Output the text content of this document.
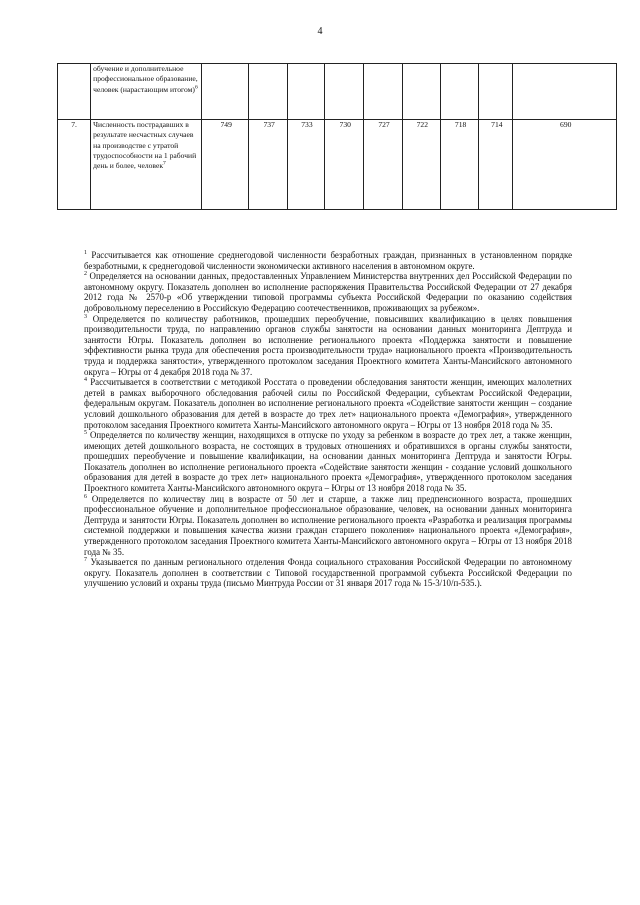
4
	обучение и дополнительное профессиональное образование, человек (нарастающим итогом)$^6$									
7.	Численность пострадавших в результате несчастных случаев на производстве с утратой трудоспособности на 1 рабочий день и более, человек$^7$	749	737	733	730	727	722	718	714	690

$^1$ Рассчитывается как отношение среднегодовой численности безработных граждан, признанных в установленном порядке безработными, к среднегодовой численности экономически активного населения в автономном округе.

$^2$ Определяется на основании данных, предоставленных Управлением Министерства внутренних дел Российской Федерации по автономному округу. Показатель дополнен во исполнение распоряжения Правительства Российской Федерации от 27 декабря 2012 года № 2570-р «Об утверждении типовой программы субъекта Российской Федерации по оказанию содействия добровольному переселению в Российскую Федерацию соотечественников, проживающих за рубежом».

$^3$ Определяется по количеству работников, прошедших переобучение, повысивших квалификацию в целях повышения производительности труда, по направлению органов службы занятости на основании данных мониторинга Дептруда и занятости Югры. Показатель дополнен во исполнение регионального проекта «Поддержка занятости и повышение эффективности рынка труда для обеспечения роста производительности труда» национального проекта «Производительность труда и поддержка занятости», утвержденного протоколом заседания Проектного комитета Ханты-Мансийского автономного округа – Югры от 4 декабря 2018 года № 37.

$^4$ Рассчитывается в соответствии с методикой Росстата о проведении обследования занятости женщин, имеющих малолетних детей в рамках выборочного обследования рабочей силы по Российской Федерации, субъектам Российской Федерации, федеральным округам. Показатель дополнен во исполнение регионального проекта «Содействие занятости женщин – создание условий дошкольного образования для детей в возрасте до трех лет» национального проекта «Демография», утвержденного протоколом заседания Проектного комитета Ханты-Мансийского автономного округа – Югры от 13 ноября 2018 года № 35.

$^5$ Определяется по количеству женщин, находящихся в отпуске по уходу за ребенком в возрасте до трех лет, а также женщин, имеющих детей дошкольного возраста, не состоящих в трудовых отношениях и обратившихся в органы службы занятости, прошедших переобучение и повышение квалификации, на основании данных мониторинга Дептруда и занятости Югры. Показатель дополнен во исполнение регионального проекта «Содействие занятости женщин - создание условий дошкольного образования для детей в возрасте до трех лет» национального проекта «Демография», утвержденного протоколом заседания Проектного комитета Ханты-Мансийского автономного округа – Югры от 13 ноября 2018 года № 35.

$^6$ Определяется по количеству лиц в возрасте от 50 лет и старше, а также лиц предпенсионного возраста, прошедших профессиональное обучение и дополнительное профессиональное образование, человек, на основании данных мониторинга Дептруда и занятости Югры. Показатель дополнен во исполнение регионального проекта «Разработка и реализация программы системной поддержки и повышения качества жизни граждан старшего поколения» национального проекта «Демография», утвержденного протоколом заседания Проектного комитета Ханты-Мансийского автономного округа – Югры от 13 ноября 2018 года № 35.

$^7$ Указывается по данным регионального отделения Фонда социального страхования Российской Федерации по автономному округу. Показатель дополнен в соответствии с Типовой государственной программой субъекта Российской Федерации по улучшению условий и охраны труда (письмо Минтруда России от 31 января 2017 года № 15-3/10/п-535.).
